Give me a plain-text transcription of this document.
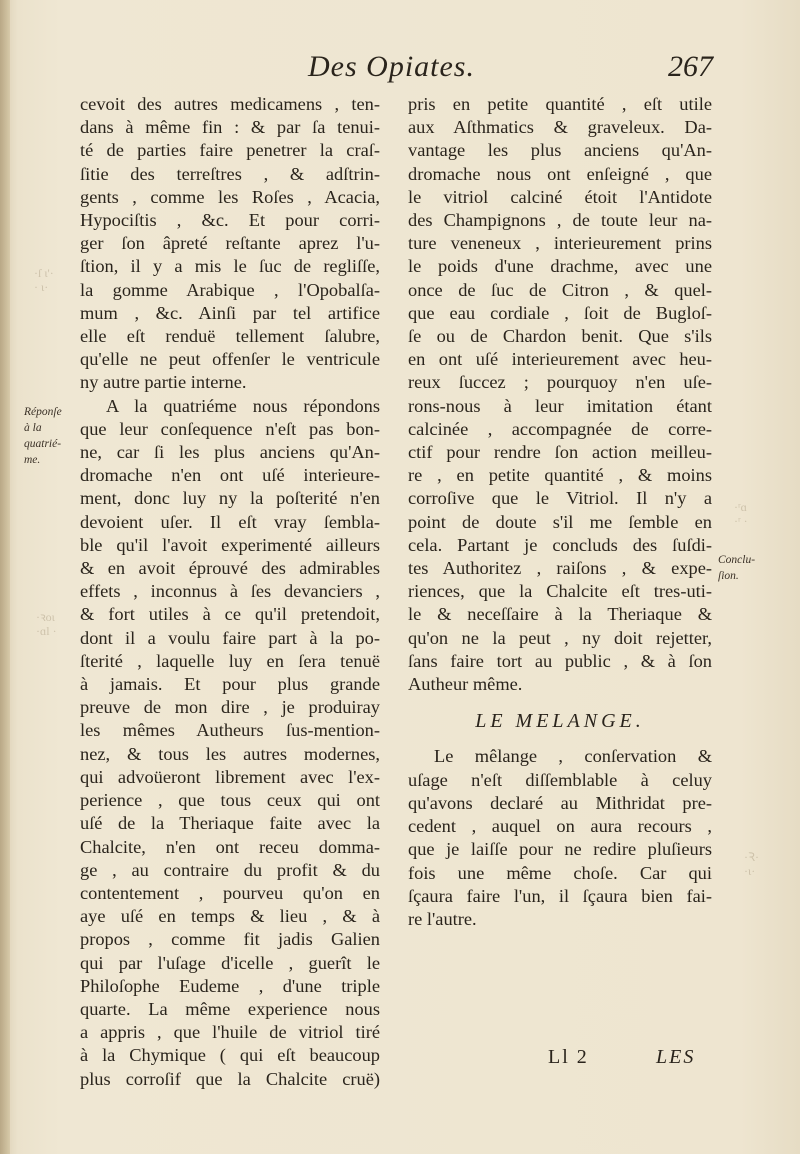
·ſ ι'·
· ι·
·ʳɑ
·ʳ ·
·ꝛοι
·ɑl ·
·Ꝛ·
·ι·
Des Opiates.	267
Réponſe
à la
quatrié-
me.
Conclu-
ſion.
cevoit des autres medicamens , ten-
dans à même fin : & par ſa tenui-
té de parties faire penetrer la craſ-
ſitie des terreſtres , & adſtrin-
gents , comme les Roſes , Acacia,
Hypociſtis , &c. Et pour corri-
ger ſon âpreté reſtante aprez l'u-
ſtion, il y a mis le ſuc de regliſſe,
la gomme Arabique , l'Opobalſa-
mum , &c. Ainſi par tel artifice
elle eſt renduë tellement ſalubre,
qu'elle ne peut offenſer le ventricule
ny autre partie interne.
A la quatriéme nous répondons
que leur conſequence n'eſt pas bon-
ne, car ſi les plus anciens qu'An-
dromache n'en ont uſé interieure-
ment, donc luy ny la poſterité n'en
devoient uſer. Il eſt vray ſembla-
ble qu'il l'avoit experimenté ailleurs
& en avoit éprouvé des admirables
effets , inconnus à ſes devanciers ,
& fort utiles à ce qu'il pretendoit,
dont il a voulu faire part à la po-
ſterité , laquelle luy en ſera tenuë
à jamais. Et pour plus grande
preuve de mon dire , je produiray
les mêmes Autheurs ſus-mention-
nez, & tous les autres modernes,
qui advoüeront librement avec l'ex-
perience , que tous ceux qui ont
uſé de la Theriaque faite avec la
Chalcite, n'en ont receu domma-
ge , au contraire du profit & du
contentement , pourveu qu'on en
aye uſé en temps & lieu , & à
propos , comme fit jadis Galien
qui par l'uſage d'icelle , guerît le
Philoſophe Eudeme , d'une triple
quarte. La même experience nous
a appris , que l'huile de vitriol tiré
à la Chymique ( qui eſt beaucoup
plus corroſif que la Chalcite cruë)
pris en petite quantité , eſt utile
aux Aſthmatics & graveleux. Da-
vantage les plus anciens qu'An-
dromache nous ont enſeigné , que
le vitriol calciné étoit l'Antidote
des Champignons , de toute leur na-
ture veneneux , interieurement prins
le poids d'une drachme, avec une
once de ſuc de Citron , & quel-
que eau cordiale , ſoit de Bugloſ-
ſe ou de Chardon benit. Que s'ils
en ont uſé interieurement avec heu-
reux ſuccez ; pourquoy n'en uſe-
rons-nous à leur imitation étant
calcinée , accompagnée de corre-
ctif pour rendre ſon action meilleu-
re , en petite quantité , & moins
corroſive que le Vitriol. Il n'y a
point de doute s'il me ſemble en
cela. Partant je concluds des ſuſdi-
tes Authoritez , raiſons , & expe-
riences, que la Chalcite eſt tres-uti-
le & neceſſaire à la Theriaque &
qu'on ne la peut , ny doit rejetter,
ſans faire tort au public , & à ſon
Autheur même.
LE MELANGE.
Le mêlange , conſervation &
uſage n'eſt diſſemblable à celuy
qu'avons declaré au Mithridat pre-
cedent , auquel on aura recours ,
que je laiſſe pour ne redire pluſieurs
fois une même choſe. Car qui
ſçaura faire l'un, il ſçaura bien fai-
re l'autre.
Ll 2	LES
